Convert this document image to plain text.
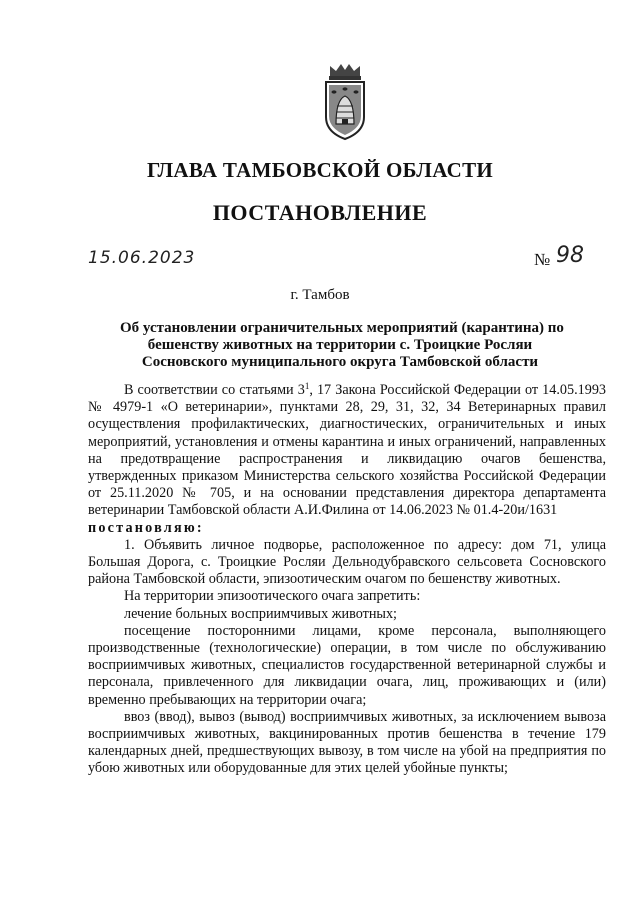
ГЛАВА ТАМБОВСКОЙ ОБЛАСТИ
ПОСТАНОВЛЕНИЕ
15.06.2023	№ 98
г. Тамбов
Об установлении ограничительных мероприятий (карантина) по
бешенству животных на территории с. Троицкие Росляи
Сосновского муниципального округа Тамбовской области

В соответствии со статьями $3^1$, 17 Закона Российской Федерации от 14.05.1993 № 4979-1 «О ветеринарии», пунктами 28, 29, 31, 32, 34 Ветеринарных правил осуществления профилактических, диагностических, ограничительных и иных мероприятий, установления и отмены карантина и иных ограничений, направленных на предотвращение распространения и ликвидацию очагов бешенства, утвержденных приказом Министерства сельского хозяйства Российской Федерации от 25.11.2020 № 705, и на основании представления директора департамента ветеринарии Тамбовской области А.И.Филина от 14.06.2023 № 01.4-20и/1631

постановляю:

1. Объявить личное подворье, расположенное по адресу: дом 71, улица Большая Дорога, с. Троицкие Росляи Дельнодубравского сельсовета Сосновского района Тамбовской области, эпизоотическим очагом по бешенству животных.

На территории эпизоотического очага запретить:

лечение больных восприимчивых животных;

посещение посторонними лицами, кроме персонала, выполняющего производственные (технологические) операции, в том числе по обслуживанию восприимчивых животных, специалистов государственной ветеринарной службы и персонала, привлеченного для ликвидации очага, лиц, проживающих и (или) временно пребывающих на территории очага;

ввоз (ввод), вывоз (вывод) восприимчивых животных, за исключением вывоза восприимчивых животных, вакцинированных против бешенства в течение 179 календарных дней, предшествующих вывозу, в том числе на убой на предприятия по убою животных или оборудованные для этих целей убойные пункты;
